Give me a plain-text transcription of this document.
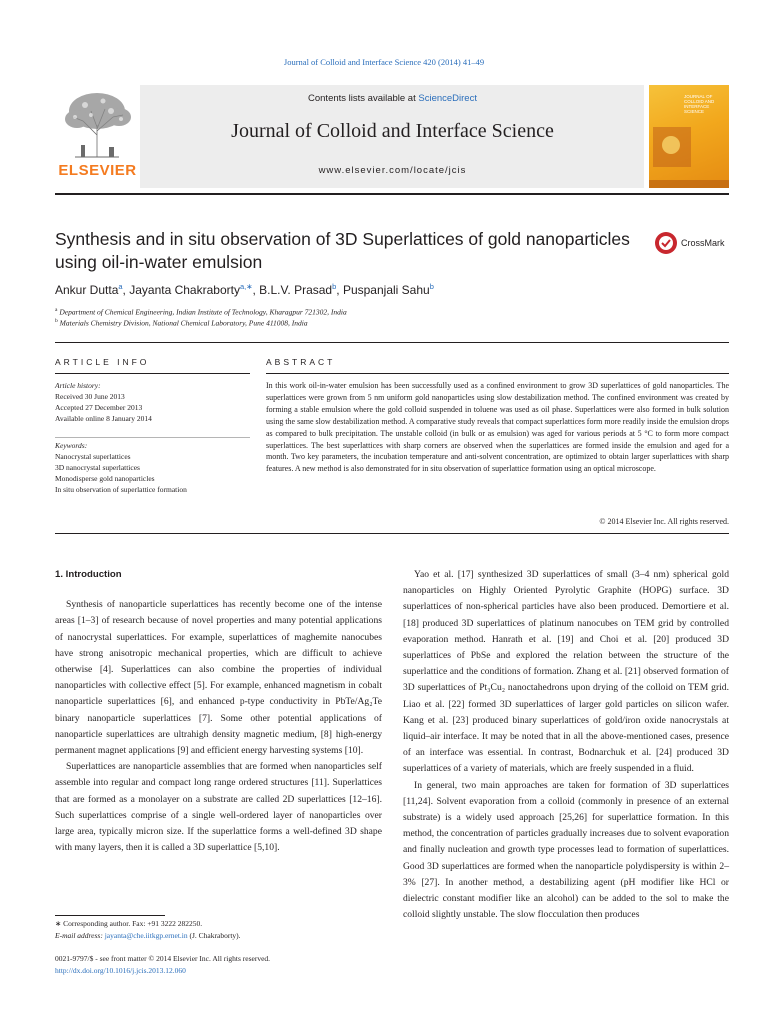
Journal of Colloid and Interface Science 420 (2014) 41–49
ELSEVIER
Contents lists available at ScienceDirect
Journal of Colloid and Interface Science
www.elsevier.com/locate/jcis
JOURNAL OF COLLOID AND INTERFACE SCIENCE
Synthesis and in situ observation of 3D Superlattices of gold nanoparticles using oil-in-water emulsion
CrossMark
Ankur Dutta$^a$, Jayanta Chakraborty$^{a,∗}$, B.L.V. Prasad$^b$, Puspanjali Sahu$^b$
$^a$ Department of Chemical Engineering, Indian Institute of Technology, Kharagpur 721302, India
$^b$ Materials Chemistry Division, National Chemical Laboratory, Pune 411008, India
ARTICLE INFO
Article history:
Received 30 June 2013
Accepted 27 December 2013
Available online 8 January 2014
Keywords:
Nanocrystal superlattices
3D nanocrystal superlattices
Monodisperse gold nanoparticles
In situ observation of superlattice formation
ABSTRACT
In this work oil-in-water emulsion has been successfully used as a confined environment to grow 3D superlattices of gold nanoparticles. The superlattices were grown from 5 nm uniform gold nanoparticles using slow destabilization method. The confined environment was created by forming a stable emulsion where the gold colloid suspended in toluene was used as oil phase. Superlattices were also formed in bulk solution using the same slow destabilization method. A comparative study reveals that compact superlattices form more readily inside the emulsion drops as compared to bulk precipitation. The unstable colloid (in bulk or as emulsion) was aged for various periods at 5 °C to form more compact superlattices. The best superlattices with sharp corners are observed when the superlattices are formed inside the emulsion and aged for a month. Two key parameters, the incubation temperature and anti-solvent concentration, are optimized to obtain larger superlattices with sharp features. A new method is also demonstrated for in situ observation of superlattice formation using an optical microscope.
© 2014 Elsevier Inc. All rights reserved.

1. Introduction

Synthesis of nanoparticle superlattices has recently become one of the intense areas [1–3] of research because of novel properties and many potential applications of nanocrystal superlattices. For example, superlattices of maghemite nanocubes have strong anisotropic mechanical properties, which are difficult to achieve otherwise [4]. Superlattices can also combine the properties of individual nanoparticles with collective effect [5]. For example, enhanced magnetism in cobalt nanoparticle superlattices [6], and enhanced p-type conductivity in PbTe/Ag₂Te binary nanoparticle superlattices [7]. Some other potential applications of nanoparticle superlattices are ultrahigh density magnetic medium, [8] high-energy permanent magnet applications [9] and efficient energy harvesting systems [10].

Superlattices are nanoparticle assemblies that are formed when nanoparticles self assemble into regular and compact long range ordered structures [11]. Superlattices that are formed as a monolayer on a substrate are called 2D superlattices [12–16]. Such superlattices comprise of a single well-ordered layer of nanoparticles over large area, typically micron size. If the superlattice forms a well-defined 3D shape with many layers, then it is called a 3D superlattice [5,10].

Yao et al. [17] synthesized 3D superlattices of small (3–4 nm) spherical gold nanoparticles on Highly Oriented Pyrolytic Graphite (HOPG) surface. 3D superlattices of non-spherical particles have also been produced. Demortiere et al. [18] produced 3D superlattices of platinum nanocubes on TEM grid by controlled evaporation method. Hanrath et al. [19] and Choi et al. [20] produced 3D superlattices of PbSe and explored the relation between the structure of the superlattice and the conditions of formation. Zhang et al. [21] observed formation of 3D superlattices of Pt₃Cu₂ nanoctahedrons upon drying of the colloid on TEM grid. Liao et al. [22] formed 3D superlattices of larger gold particles on silicon wafer. Kang et al. [23] produced binary superlattices of gold/iron oxide nanocrystals at liquid–air interface. It may be noted that in all the above-mentioned cases, presence of an interface was essential. In contrast, Bodnarchuk et al. [24] produced 3D superlattices of a variety of materials, which are freely suspended in a fluid.

In general, two main approaches are taken for formation of 3D superlattices [11,24]. Solvent evaporation from a colloid (commonly in presence of an external substrate) is a widely used approach [25,26] for superlattice formation. In this method, the concentration of particles gradually increases due to solvent evaporation and finally nucleation and growth type processes lead to formation of superlattices. Good 3D superlattices are formed when the nanoparticle polydispersity is within 2–3% [27]. In another method, a destabilizing agent (pH modifier like HCl or dielectric constant modifier like an alcohol) can be added to the sol to make the colloid slightly unstable. The slow flocculation then produces

∗ Corresponding author. Fax: +91 3222 282250.
E-mail address: jayanta@che.iitkgp.ernet.in (J. Chakraborty).
0021-9797/$ - see front matter © 2014 Elsevier Inc. All rights reserved.
http://dx.doi.org/10.1016/j.jcis.2013.12.060
